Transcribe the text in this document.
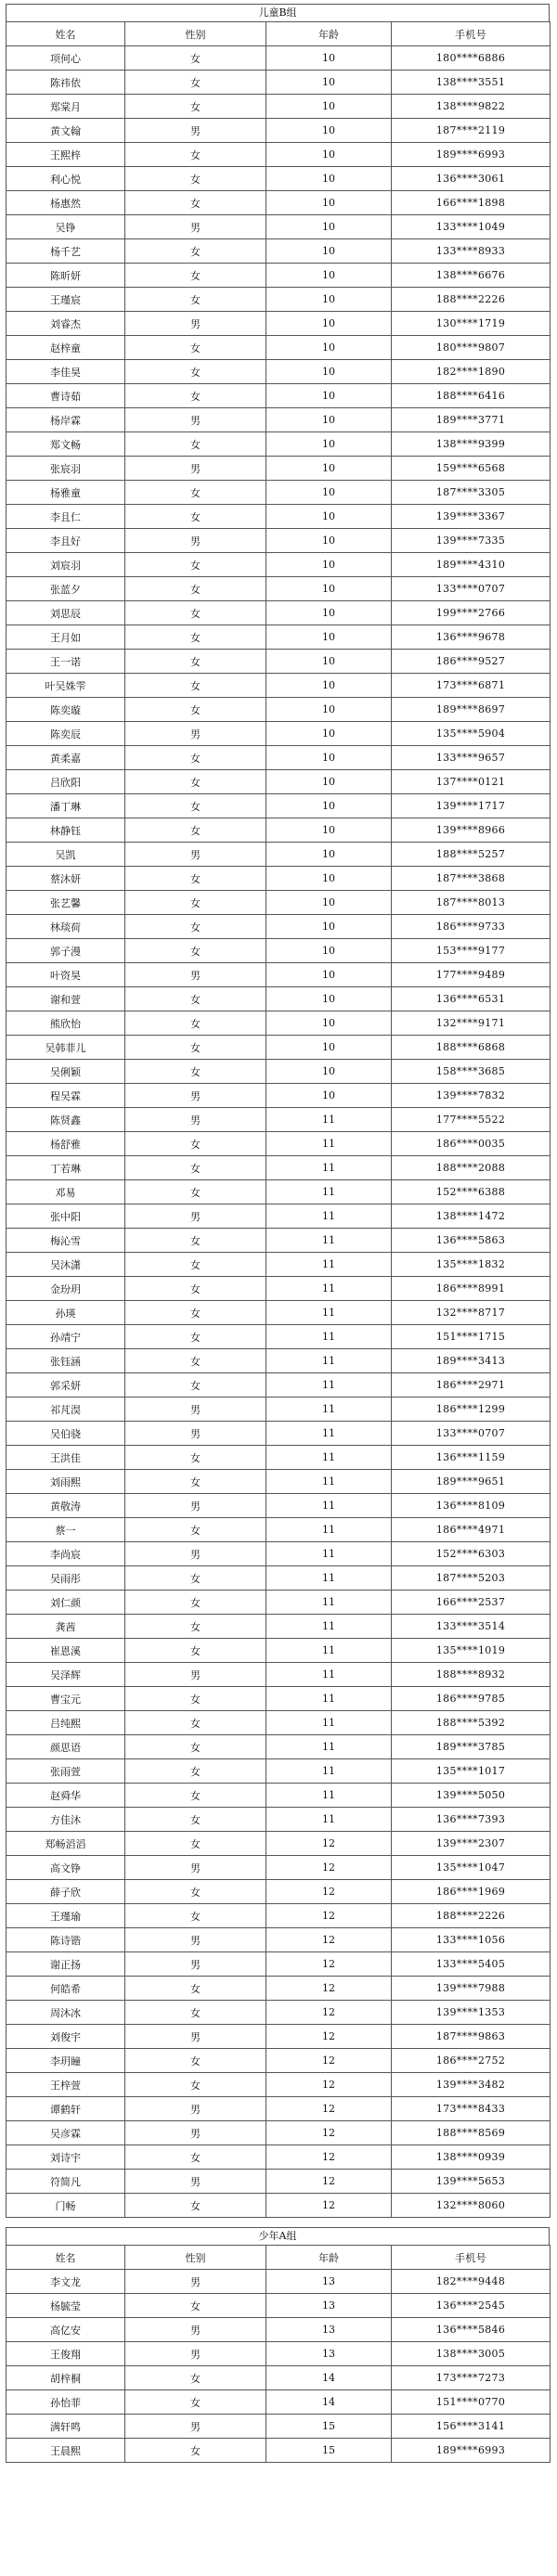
儿童B组
姓名	性别	年龄	手机号
项何心	女	10	180****6886
陈祎依	女	10	138****3551
郑棠月	女	10	138****9822
黄文翰	男	10	187****2119
王熙梓	女	10	189****6993
利心悦	女	10	136****3061
杨惠然	女	10	166****1898
吴铮	男	10	133****1049
杨千艺	女	10	133****8933
陈昕妍	女	10	138****6676
王瑾宸	女	10	188****2226
刘睿杰	男	10	130****1719
赵梓童	女	10	180****9807
李佳昊	女	10	182****1890
曹诗茹	女	10	188****6416
杨岸霖	男	10	189****3771
郑文畅	女	10	138****9399
张宸羽	男	10	159****6568
杨雅童	女	10	187****3305
李且仁	女	10	139****3367
李且好	男	10	139****7335
刘宸羽	女	10	189****4310
张蓝夕	女	10	133****0707
刘思辰	女	10	199****2766
王月如	女	10	136****9678
王一诺	女	10	186****9527
叶吴姝雫	女	10	173****6871
陈奕璇	女	10	189****8697
陈奕辰	男	10	135****5904
黄柔嘉	女	10	133****9657
吕欣阳	女	10	137****0121
潘丁琳	女	10	139****1717
林静钰	女	10	139****8966
吴凯	男	10	188****5257
蔡沐妍	女	10	187****3868
张艺馨	女	10	187****8013
林琰荷	女	10	186****9733
郭子漫	女	10	153****9177
叶资昊	男	10	177****9489
谢和萱	女	10	136****6531
熊欣怡	女	10	132****9171
吴韩菲儿	女	10	188****6868
吴俐颖	女	10	158****3685
程吴霖	男	10	139****7832
陈贤鑫	男	11	177****5522
杨舒雅	女	11	186****0035
丁若琳	女	11	188****2088
邓易	女	11	152****6388
张中阳	男	11	138****1472
梅沁雪	女	11	136****5863
吴沐潇	女	11	135****1832
金玢玥	女	11	186****8991
孙瑛	女	11	132****8717
孙靖宁	女	11	151****1715
张钰涵	女	11	189****3413
郭采妍	女	11	186****2971
祁芃淏	男	11	186****1299
吴伯骁	男	11	133****0707
王洪佳	女	11	136****1159
刘雨熙	女	11	189****9651
黄敬涛	男	11	136****8109
蔡一	女	11	186****4971
李尚宸	男	11	152****6303
吴雨彤	女	11	187****5203
刘仁颜	女	11	166****2537
龚茜	女	11	133****3514
崔恩溪	女	11	135****1019
吴泽辉	男	11	188****8932
曹宝元	女	11	186****9785
吕纯熙	女	11	188****5392
颜思语	女	11	189****3785
张雨萱	女	11	135****1017
赵舜华	女	11	139****5050
方佳沐	女	11	136****7393
郑畅滔滔	女	12	139****2307
高文铮	男	12	135****1047
薛子欣	女	12	186****1969
王瑾瑜	女	12	188****2226
陈诗锴	男	12	133****1056
谢正扬	男	12	133****5405
何皓希	女	12	139****7988
周沐冰	女	12	139****1353
刘俊宇	男	12	187****9863
李玥瞳	女	12	186****2752
王梓萱	女	12	139****3482
谭鹤轩	男	12	173****8433
吴彦霖	男	12	188****8569
刘诗宇	女	12	138****0939
符简凡	男	12	139****5653
门畅	女	12	132****8060
少年A组
姓名	性别	年龄	手机号
李文龙	男	13	182****9448
杨毓莹	女	13	136****2545
高亿安	男	13	136****5846
王俊翔	男	13	138****3005
胡梓桐	女	14	173****7273
孙怡菲	女	14	151****0770
满轩鸣	男	15	156****3141
王晨熙	女	15	189****6993
